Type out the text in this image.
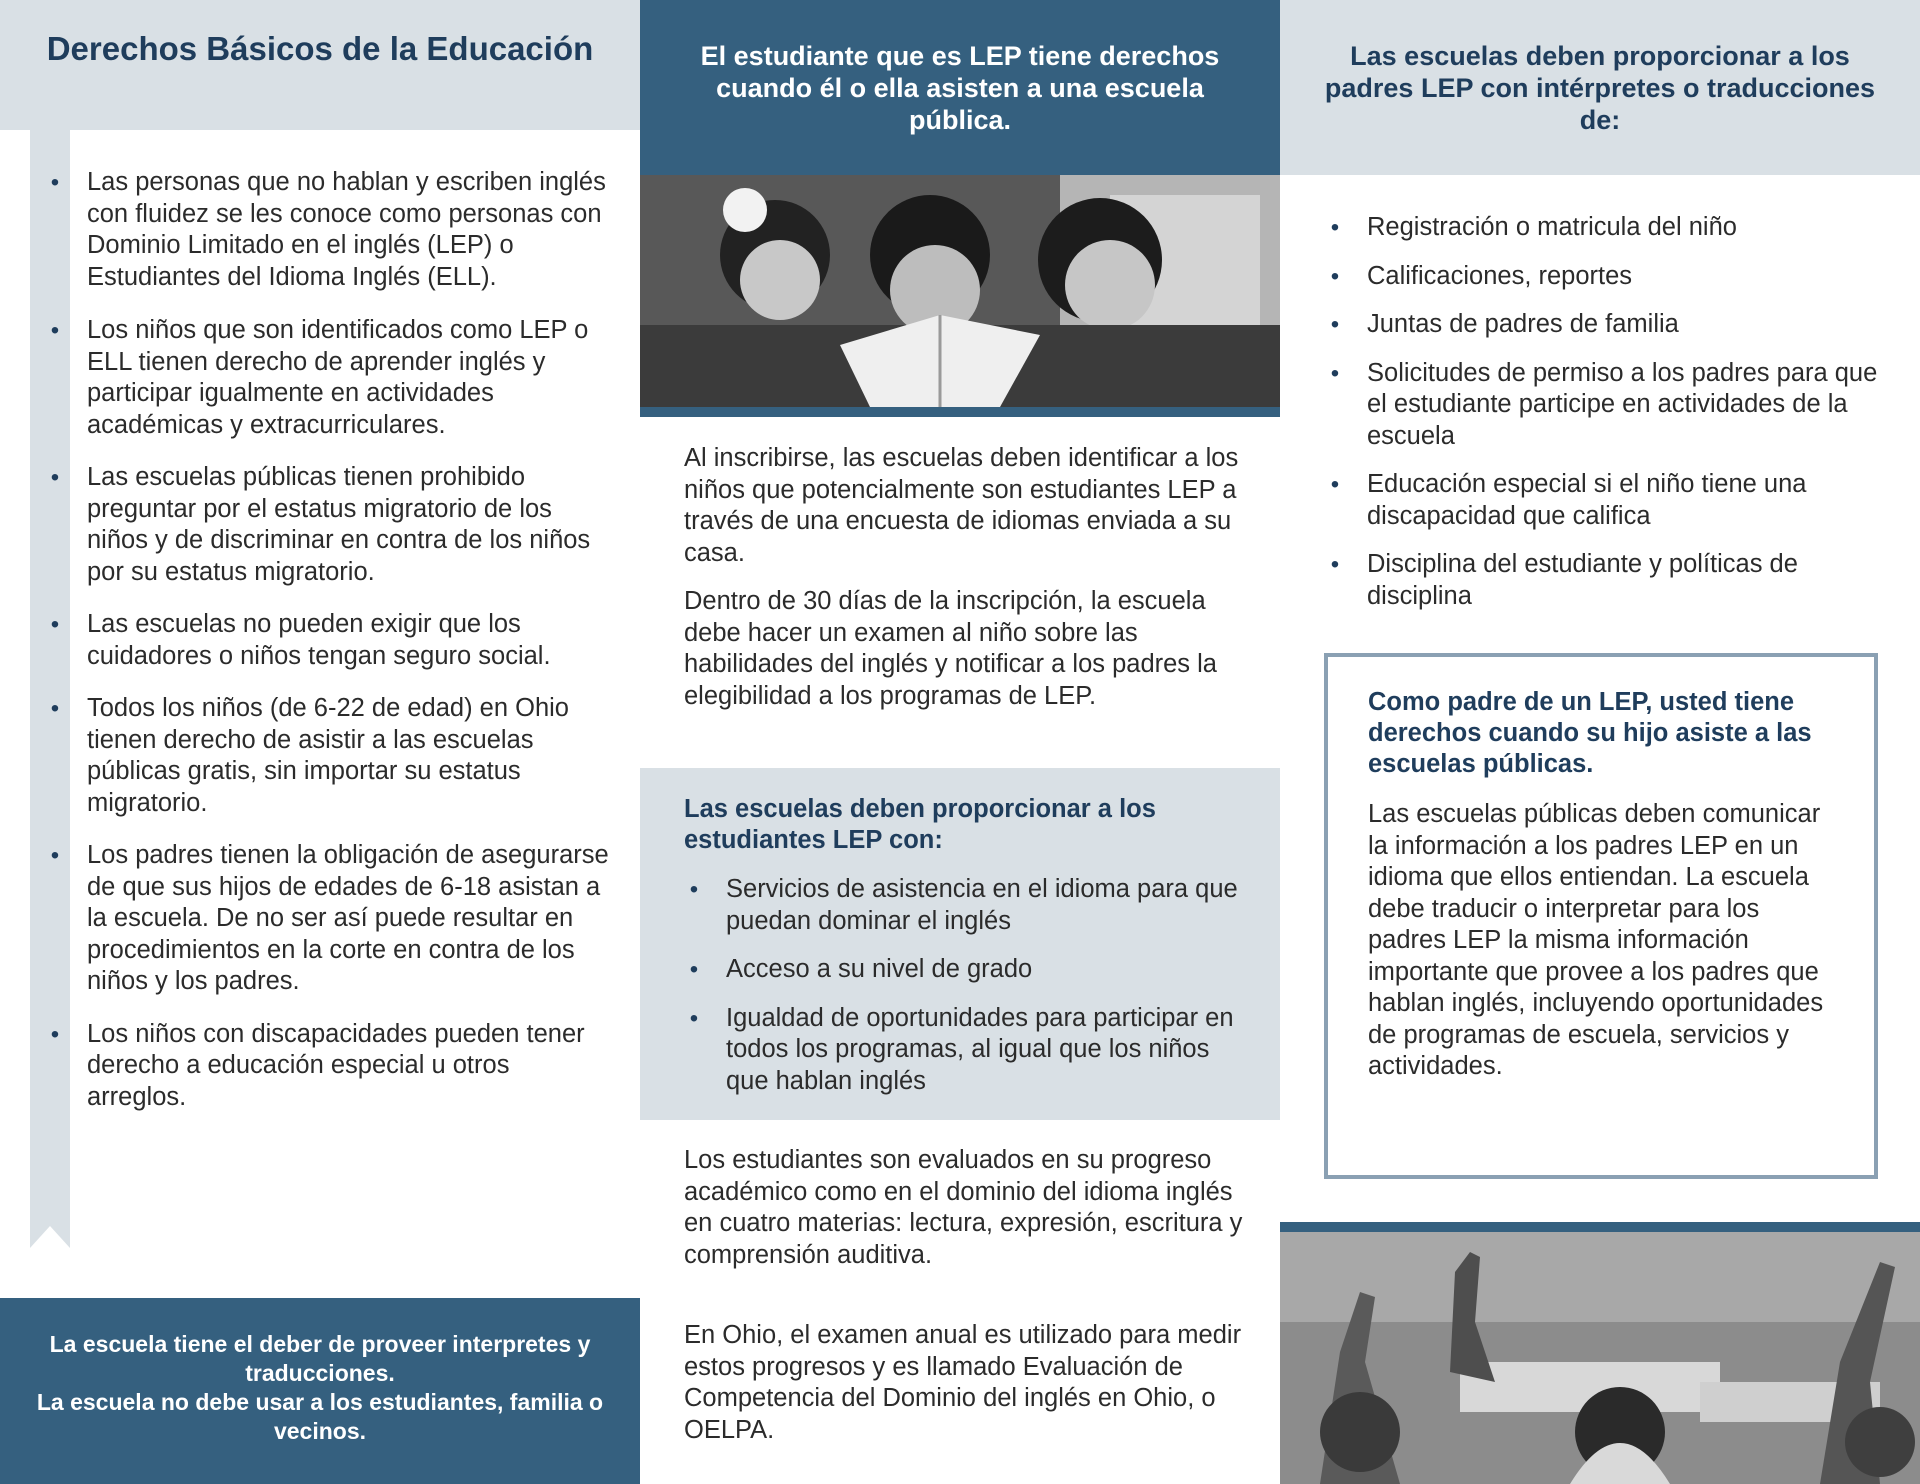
Derechos Básicos de la Educación
• Las personas que no hablan y escriben inglés con fluidez se les conoce como personas con Dominio Limitado en el inglés (LEP) o Estudiantes del Idioma Inglés (ELL).
• Los niños que son identificados como LEP o ELL tienen derecho de aprender inglés y participar igualmente en actividades académicas y extracurriculares.
• Las escuelas públicas tienen prohibido preguntar por el estatus migratorio de los niños y de discriminar en contra de los niños por su estatus migratorio.
• Las escuelas no pueden exigir que los cuidadores o niños tengan seguro social.
• Todos los niños (de 6-22 de edad) en Ohio tienen derecho de asistir a las escuelas públicas gratis, sin importar su estatus migratorio.
• Los padres tienen la obligación de asegurarse de que sus hijos de edades de 6-18 asistan a la escuela. De no ser así puede resultar en procedimientos en la corte en contra de los niños y los padres.
• Los niños con discapacidades pueden tener derecho a educación especial u otros arreglos.
La escuela tiene el deber de proveer interpretes y traducciones.
La escuela no debe usar a los estudiantes, familia o vecinos.
El estudiante que es LEP tiene derechos cuando él o ella asisten a una escuela pública.

Al inscribirse, las escuelas deben identificar a los niños que potencialmente son estudiantes LEP a través de una encuesta de idiomas enviada a su casa.

Dentro de 30 días de la inscripción, la escuela debe hacer un examen al niño sobre las habilidades del inglés y notificar a los padres la elegibilidad a los programas de LEP.

Las escuelas deben proporcionar a los estudiantes LEP con:
• Servicios de asistencia en el idioma para que puedan dominar el inglés
• Acceso a su nivel de grado
• Igualdad de oportunidades para participar en todos los programas, al igual que los niños que hablan inglés

Los estudiantes son evaluados en su progreso académico como en el dominio del idioma inglés en cuatro materias: lectura, expresión, escritura y comprensión auditiva.

En Ohio, el examen anual es utilizado para medir estos progresos y es llamado Evaluación de Competencia del Dominio del inglés en Ohio, o OELPA.

Las escuelas deben proporcionar a los padres LEP con intérpretes o traducciones de:
• Registración o matricula del niño
• Calificaciones, reportes
• Juntas de padres de familia
• Solicitudes de permiso a los padres para que el estudiante participe en actividades de la escuela
• Educación especial si el niño tiene una discapacidad que califica
• Disciplina del estudiante y políticas de disciplina
Como padre de un LEP, usted tiene derechos cuando su hijo asiste a las escuelas públicas.

Las escuelas públicas deben comunicar la información a los padres LEP en un idioma que ellos entiendan. La escuela debe traducir o interpretar para los padres LEP la misma información importante que provee a los padres que hablan inglés, incluyendo oportunidades de programas de escuela, servicios y actividades.
